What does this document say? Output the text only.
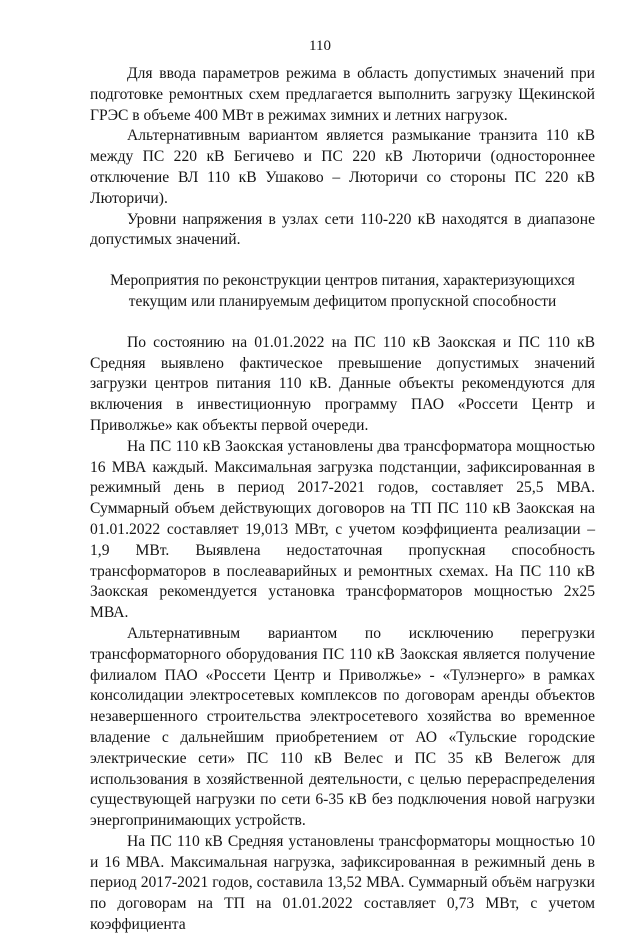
110

Для ввода параметров режима в область допустимых значений при подготовке ремонтных схем предлагается выполнить загрузку Щекинской ГРЭС в объеме 400 МВт в режимах зимних и летних нагрузок.

Альтернативным вариантом является размыкание транзита 110 кВ между ПС 220 кВ Бегичево и ПС 220 кВ Люторичи (одностороннее отключение ВЛ 110 кВ Ушаково – Люторичи со стороны ПС 220 кВ Люторичи).

Уровни напряжения в узлах сети 110-220 кВ находятся в диапазоне допустимых значений.

Мероприятия по реконструкции центров питания, характеризующихся текущим или планируемым дефицитом пропускной способности

По состоянию на 01.01.2022 на ПС 110 кВ Заокская и ПС 110 кВ Средняя выявлено фактическое превышение допустимых значений загрузки центров питания 110 кВ. Данные объекты рекомендуются для включения в инвестиционную программу ПАО «Россети Центр и Приволжье» как объекты первой очереди.

На ПС 110 кВ Заокская установлены два трансформатора мощностью 16 МВА каждый. Максимальная загрузка подстанции, зафиксированная в режимный день в период 2017-2021 годов, составляет 25,5 МВА. Суммарный объем действующих договоров на ТП ПС 110 кВ Заокская на 01.01.2022 составляет 19,013 МВт, с учетом коэффициента реализации – 1,9 МВт. Выявлена недостаточная пропускная способность трансформаторов в послеаварийных и ремонтных схемах. На ПС 110 кВ Заокская рекомендуется установка трансформаторов мощностью 2х25 МВА.

Альтернативным вариантом по исключению перегрузки трансформаторного оборудования ПС 110 кВ Заокская является получение филиалом ПАО «Россети Центр и Приволжье» - «Тулэнерго» в рамках консолидации электросетевых комплексов по договорам аренды объектов незавершенного строительства электросетевого хозяйства во временное владение с дальнейшим приобретением от АО «Тульские городские электрические сети» ПС 110 кВ Велес и ПС 35 кВ Велегож для использования в хозяйственной деятельности, с целью перераспределения существующей нагрузки по сети 6-35 кВ без подключения новой нагрузки энергопринимающих устройств.

На ПС 110 кВ Средняя установлены трансформаторы мощностью 10 и 16 МВА. Максимальная нагрузка, зафиксированная в режимный день в период 2017-2021 годов, составила 13,52 МВА. Суммарный объём нагрузки по договорам на ТП на 01.01.2022 составляет 0,73 МВт, с учетом коэффициента
